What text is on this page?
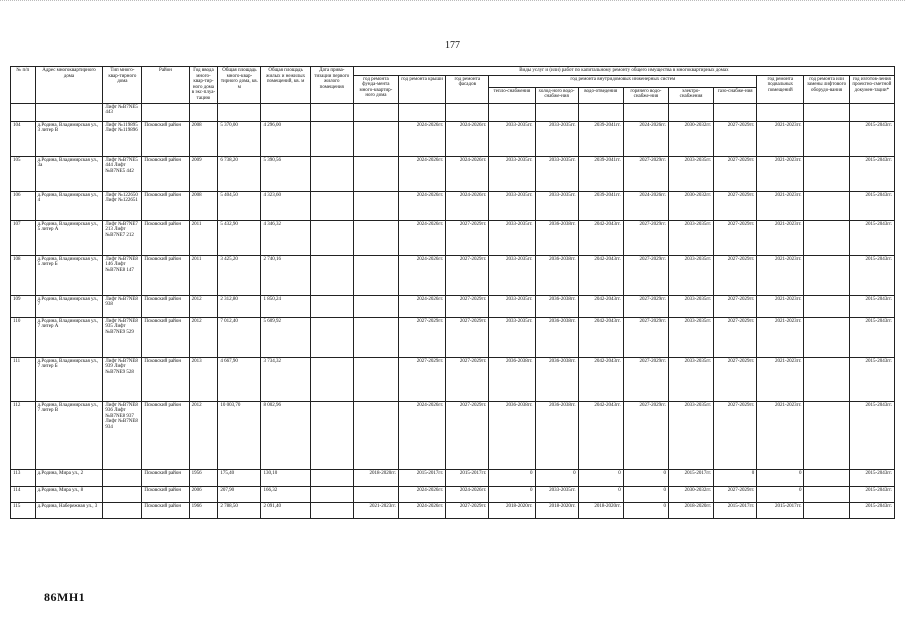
177
№ п/п	Адрес многоквартирного дома	Тип много-квар-тирного дома	Район	Год ввода много-квар-тир-ного дома в экс-плуа-тацию	Общая площадь много-квар-тирного дома, кв. м	Общая площадь жилых и нежилых помещений, кв. м	Дата прива-тизации первого жилого помещения	Виды услуг и (или) работ по капитальному ремонту общего имущества в многоквартирных домах											
								год ремонта фунда-мента много-квартир-ного дома	год ремонта крыши	год ремонта фасадов	год ремонта внутридомовых инженерных систем						год ремонта подвальных помещений	год ремонта или замены лифтового оборудо-вания	год изготов-ления проектно-сметной докумен-тации*
											тепло-снабжения	холод-ного водо-снабже-ния	водо-отведения	горячего водо-снабже-ния	электро-снабжения	газо-снабже-ния			
		Лифт №В7NЕ5 443																	
104	д.Родина, Владимирская ул., 3 литер В	Лифт №119895 Лифт №119896	Псковский район	2008	5 370,00	4 296,00			2024-2026гг.	2024-2026гг.	2033-2035гг.	2033-2035гг.	2039-2041гг.	2024-2026гг.	2030-2032гг.	2027-2029гг.	2021-2023гг.		2015-2043гг.
105	д.Родина, Владимирская ул., 3а	Лифт №В7NЕ5 444 Лифт №В7NЕ5 442	Псковский район	2009	6 738,20	5 390,56			2024-2026гг.	2024-2026гг.	2033-2035гг.	2033-2035гг.	2039-2041гг.	2027-2029гг.	2033-2035гг.	2027-2029гг.	2021-2023гг.		2015-2043гг.
106	д.Родина, Владимирская ул., 4	Лифт №122650 Лифт №122651	Псковский район	2008	5 404,50	4 323,60			2024-2026гг.	2024-2026гг.	2033-2035гг.	2033-2035гг.	2039-2041гг.	2024-2026гг.	2030-2032гг.	2027-2029гг.	2021-2023гг.		2015-2043гг.
107	д.Родина, Владимирская ул., 5 литер А	Лифт №В7NЕ7 213 Лифт №В7NЕ7 212	Псковский район	2011	5 432,90	4 346,32			2024-2026гг.	2027-2029гг.	2033-2035гг.	2036-2038гг.	2042-2043гг.	2027-2029гг.	2033-2035гг.	2027-2029гг.	2021-2023гг.		2015-2043гг.
108	д.Родина, Владимирская ул., 5 литер Б	Лифт №В7NЕ8 146 Лифт №В7NЕ8 147	Псковский район	2011	3 425,20	2 740,16			2024-2026гг.	2027-2029гг.	2033-2035гг.	2036-2038гг.	2042-2043гг.	2027-2029гг.	2033-2035гг.	2027-2029гг.	2021-2023гг.		2015-2043гг.
109	д.Родина, Владимирская ул., 7	Лифт №В7NЕ8 938	Псковский район	2012	2 312,80	1 850,24			2024-2026гг.	2027-2029гг.	2033-2035гг.	2036-2038гг.	2042-2043гг.	2027-2029гг.	2033-2035гг.	2027-2029гг.	2021-2023гг.		2015-2043гг.
110	д.Родина, Владимирская ул., 7 литер А	Лифт №В7NЕ8 935 Лифт №В7NЕ9 529	Псковский район	2012	7 012,40	5 609,92			2027-2029гг.	2027-2029гг.	2033-2035гг.	2036-2038гг.	2042-2043гг.	2027-2029гг.	2033-2035гг.	2027-2029гг.	2021-2023гг.		2015-2043гг.
111	д.Родина, Владимирская ул., 7 литер Б	Лифт №В7NЕ8 939 Лифт №В7NЕ9 528	Псковский район	2013	4 667,90	3 734,32			2027-2029гг.	2027-2029гг.	2036-2038гг.	2036-2038гг.	2042-2043гг.	2027-2029гг.	2033-2035гг.	2027-2029гг.	2021-2023гг.		2015-2043гг.
112	д.Родина, Владимирская ул., 7 литер В	Лифт №В7NЕ8 936 Лифт №В7NЕ8 937 Лифт №В7NЕ8 934	Псковский район	2012	10 003,70	8 002,96			2024-2026гг.	2027-2029гг.	2036-2038гг.	2036-2038гг.	2042-2043гг.	2027-2029гг.	2033-2035гг.	2027-2029гг.	2021-2023гг.		2015-2043гг.
113	д.Родина, Мира ул., 2		Псковский район	1956	175,40	130,10		2018-2020гг.	2015-2017гг.	2015-2017гг.	0	0	0	0	2015-2017гг.	0	0		2015-2043гг.
114	д.Родина, Мира ул., 8		Псковский район	2006	207,90	166,32			2024-2026гг.	2024-2026гг.	0	2033-2035гг.	0	0	2030-2032гг.	2027-2029гг.	0		2015-2043гг.
115	д.Родина, Набережная ул., 3		Псковский район	1966	2 788,50	2 091,40		2021-2023гг.	2024-2026гг.	2027-2029гг.	2018-2020гг.	2018-2020гг.	2018-2020гг.	0	2018-2020гг.	2015-2017гг.	2015-2017гг.		2015-2043гг.
86МН1
